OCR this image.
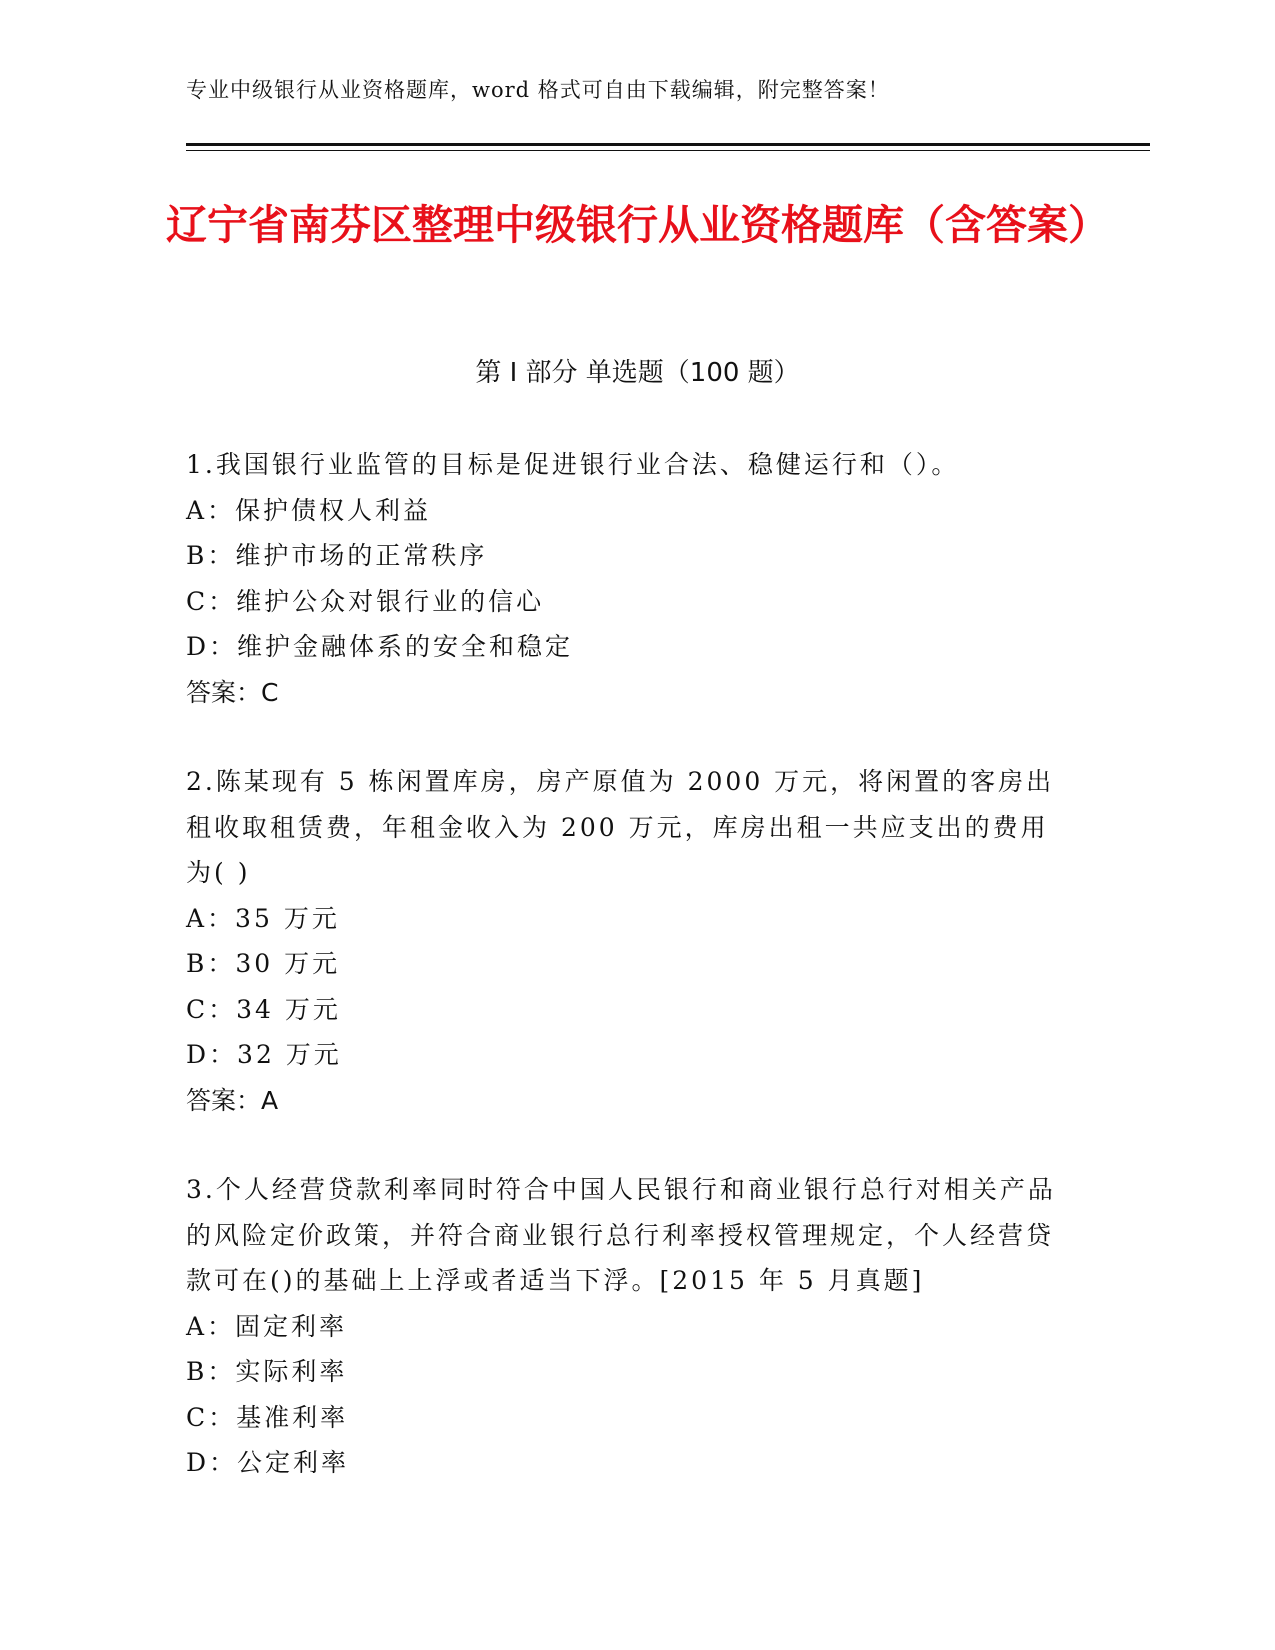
专业中级银行从业资格题库，word 格式可自由下载编辑，附完整答案！
辽宁省南芬区整理中级银行从业资格题库（含答案）
第 I 部分 单选题（100 题）

1.我国银行业监管的目标是促进银行业合法、稳健运行和（）。

A：保护债权人利益

B：维护市场的正常秩序

C：维护公众对银行业的信心

D：维护金融体系的安全和稳定

答案：C

2.陈某现有 5 栋闲置库房，房产原值为 2000 万元，将闲置的客房出租收取租赁费，年租金收入为 200 万元，库房出租一共应支出的费用为( )

A：35 万元

B：30 万元

C：34 万元

D：32 万元

答案：A

3.个人经营贷款利率同时符合中国人民银行和商业银行总行对相关产品的风险定价政策，并符合商业银行总行利率授权管理规定，个人经营贷款可在()的基础上上浮或者适当下浮。[2015 年 5 月真题]

A：固定利率

B：实际利率

C：基准利率

D：公定利率
